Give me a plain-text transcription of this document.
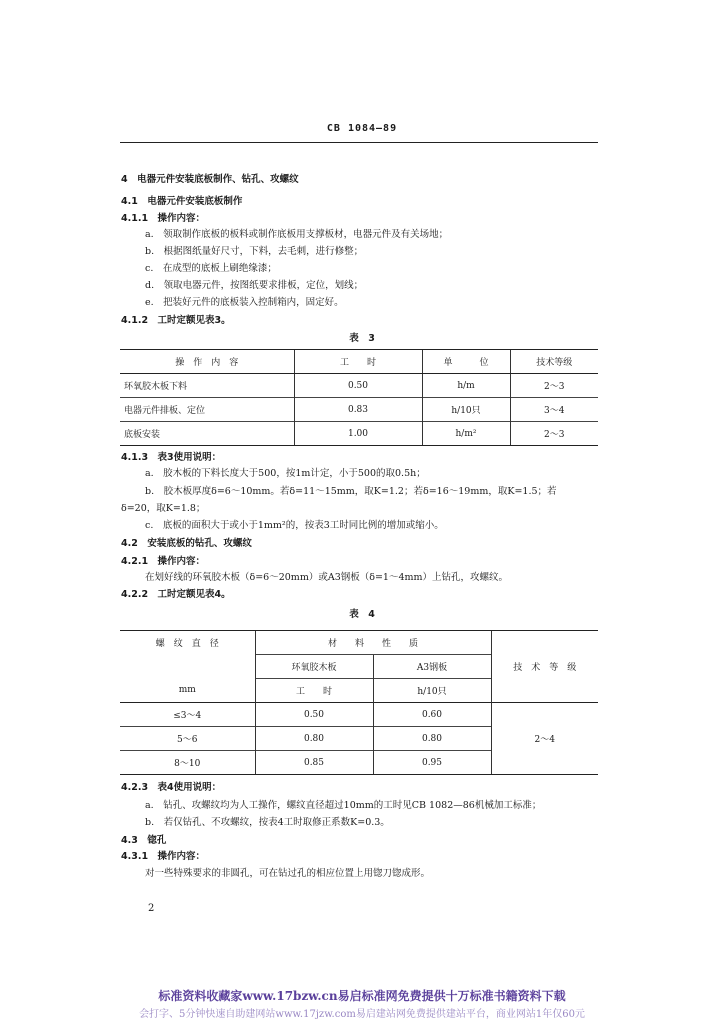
CB 1084—89
4　电器元件安装底板制作、钻孔、攻螺纹
4.1　电器元件安装底板制作
4.1.1　操作内容：
a.　领取制作底板的板料或制作底板用支撑板材，电器元件及有关场地；
b.　根据图纸量好尺寸，下料，去毛刺，进行修整；
c.　在成型的底板上刷绝缘漆；
d.　领取电器元件，按图纸要求排板，定位，划线；
e.　把装好元件的底板装入控制箱内，固定好。
4.1.2　工时定额见表3。
表　3
操　作　内　容	工　　时	单　　　位	技术等级
环氧胶木板下料	0.50	h/m	2～3
电器元件排板、定位	0.83	h/10只	3～4
底板安装	1.00	h/m²	2～3
4.1.3　表3使用说明：
a.　胶木板的下料长度大于500，按1m计定，小于500的取0.5h；
b.　胶木板厚度δ=6～10mm。若δ=11～15mm，取K=1.2；若δ=16～19mm，取K=1.5；若
δ=20，取K=1.8；
c.　底板的面积大于或小于1mm²的，按表3工时同比例的增加或缩小。
4.2　安装底板的钻孔、攻螺纹
4.2.1　操作内容：
在划好线的环氧胶木板（δ=6～20mm）或A3钢板（δ=1～4mm）上钻孔，攻螺纹。
4.2.2　工时定额见表4。
表　4
螺　纹　直　径	材　　料　　性　　质		技　术　等　级
	环氧胶木板	A3钢板	
mm	工　　时	h/10只	
≤3～4	0.50	0.60	2～4
5～6	0.80	0.80	
8～10	0.85	0.95	
4.2.3　表4使用说明：
a.　钻孔、攻螺纹均为人工操作，螺纹直径超过10mm的工时见CB 1082—86机械加工标准；
b.　若仅钻孔、不攻螺纹，按表4工时取修正系数K=0.3。
4.3　锪孔
4.3.1　操作内容：
对一些特殊要求的非圆孔，可在钻过孔的相应位置上用锪刀锪成形。
2
标准资料收藏家www.17bzw.cn易启标准网免费提供十万标准书籍资料下载
会打字、5分钟快速自助建网站www.17jzw.com易启建站网免费提供建站平台，商业网站1年仅60元
